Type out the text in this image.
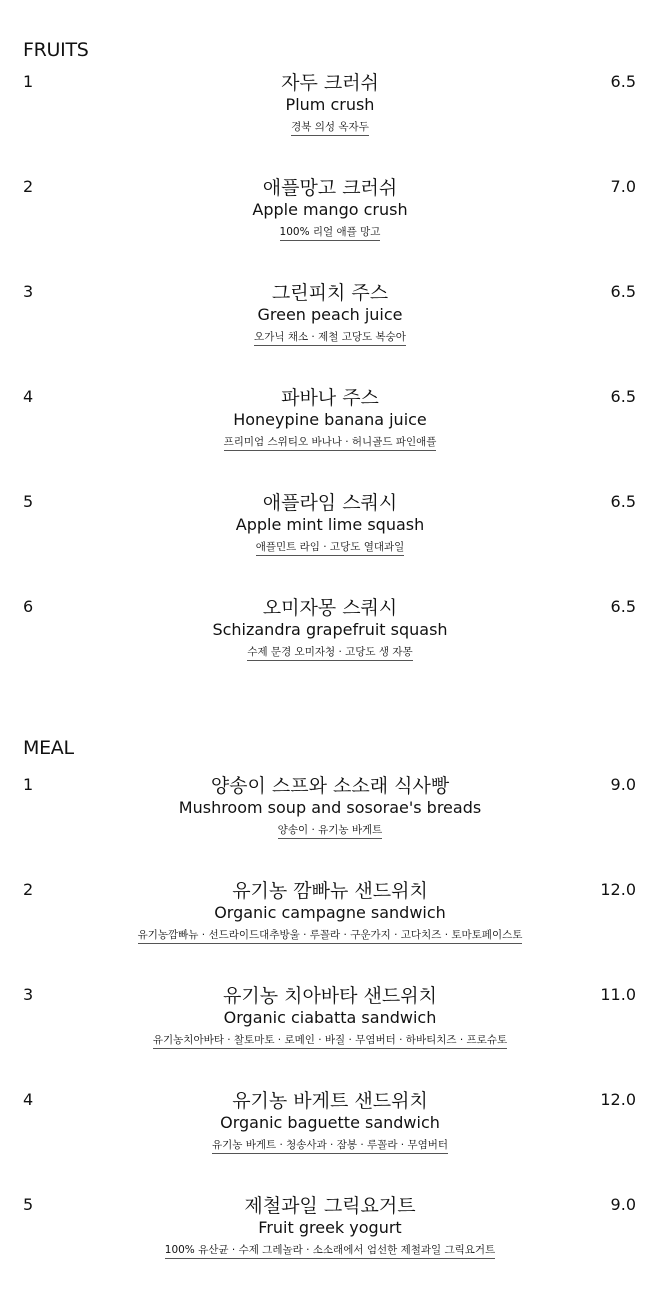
FRUITS
1	자두 크러쉬
Plum crush
경북 의성 옥자두
6.5
2	애플망고 크러쉬
Apple mango crush
100% 리얼 애플 망고
7.0
3	그린피치 주스
Green peach juice
오가닉 채소 · 제철 고당도 복숭아
6.5
4	파바나 주스
Honeypine banana juice
프리미엄 스위티오 바나나 · 허니골드 파인애플
6.5
5	애플라임 스쿼시
Apple mint lime squash
애플민트 라임 · 고당도 열대과일
6.5
6	오미자몽 스쿼시
Schizandra grapefruit squash
수제 문경 오미자청 · 고당도 생 자몽
6.5
MEAL
1	양송이 스프와 소소래 식사빵
Mushroom soup and sosorae's breads
양송이 · 유기농 바게트
9.0
2	유기농 깜빠뉴 샌드위치
Organic campagne sandwich
유기농깜빠뉴 · 선드라이드대추방울 · 루꼴라 · 구운가지 · 고다치즈 · 토마토페이스토
12.0
3	유기농 치아바타 샌드위치
Organic ciabatta sandwich
유기농치아바타 · 찰토마토 · 로메인 · 바질 · 무염버터 · 하바티치즈 · 프로슈토
11.0
4	유기농 바게트 샌드위치
Organic baguette sandwich
유기농 바게트 · 청송사과 · 잠봉 · 루꼴라 · 무염버터
12.0
5	제철과일 그릭요거트
Fruit greek yogurt
100% 유산균 · 수제 그레놀라 · 소소래에서 엄선한 제철과일 그릭요거트
9.0
